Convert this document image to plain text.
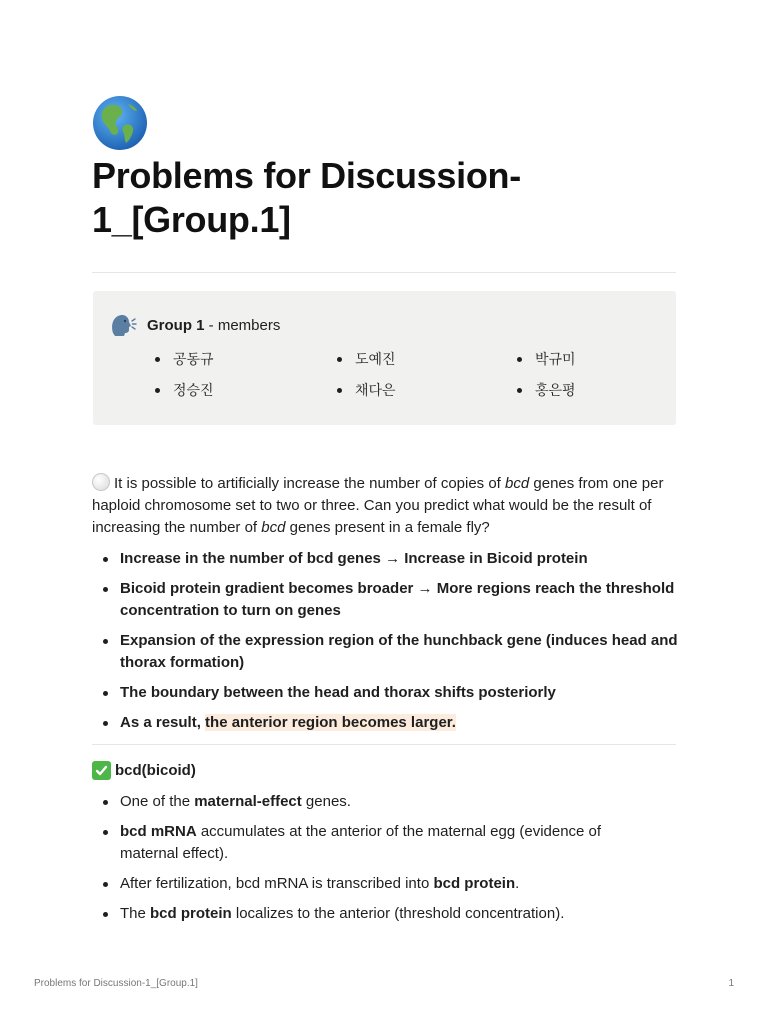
Problems for Discussion-1_[Group.1]
Group 1 - members
공동규	도예진	박규미
정승진	채다은	홍은평

It is possible to artificially increase the number of copies of bcd genes from one per haploid chromosome set to two or three. Can you predict what would be the result of increasing the number of bcd genes present in a female fly?

Increase in the number of bcd genes → Increase in Bicoid protein
Bicoid protein gradient becomes broader → More regions reach the threshold concentration to turn on genes
Expansion of the expression region of the hunchback gene (induces head and thorax formation)
The boundary between the head and thorax shifts posteriorly
As a result, the anterior region becomes larger.
bcd(bicoid)
One of the maternal-effect genes.
bcd mRNA accumulates at the anterior of the maternal egg (evidence of maternal effect).
After fertilization, bcd mRNA is transcribed into bcd protein.
The bcd protein localizes to the anterior (threshold concentration).
Problems for Discussion-1_[Group.1]	1
